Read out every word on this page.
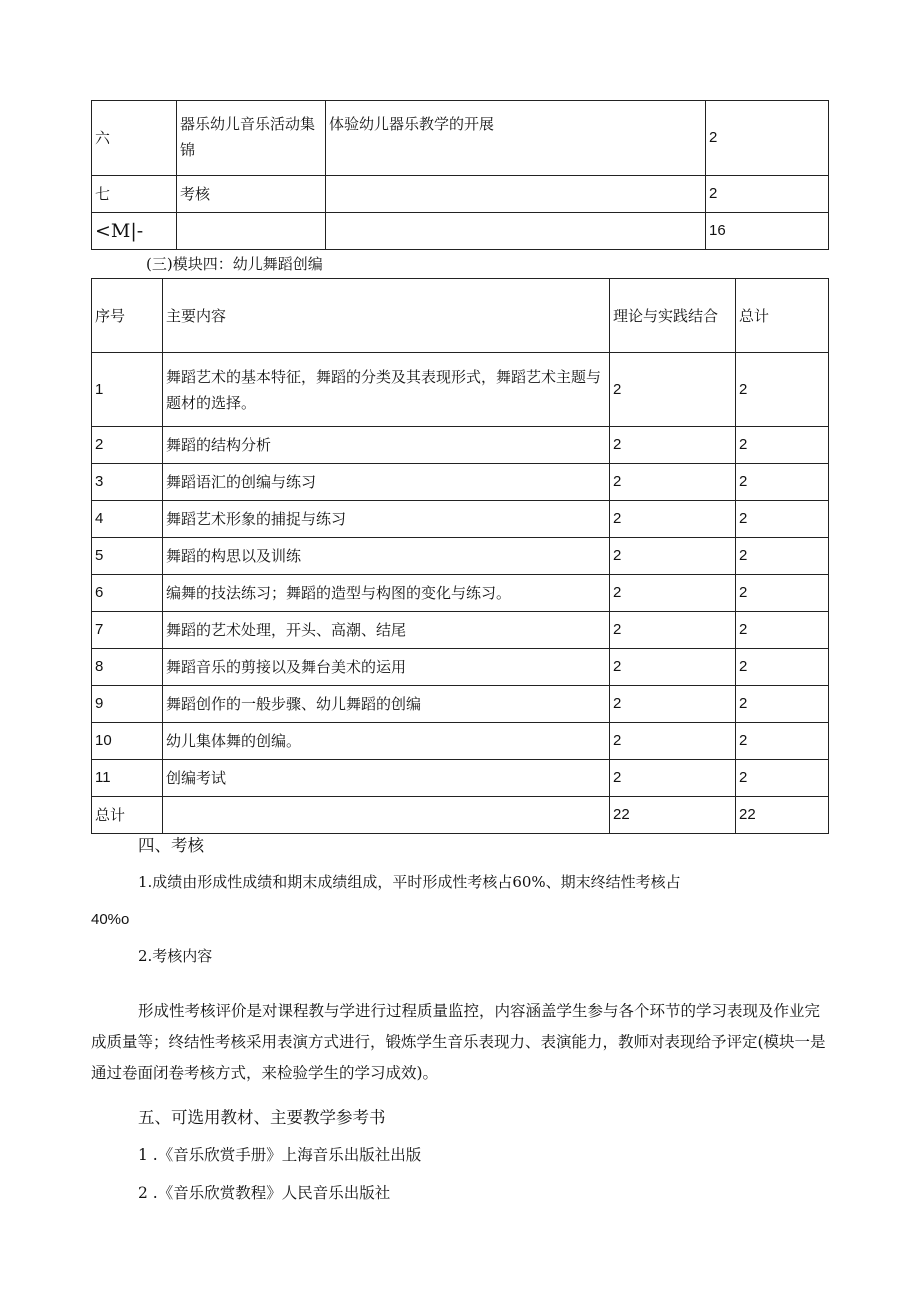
六	器乐幼儿音乐活动集锦	体验幼儿器乐教学的开展	2
七	考核		2
<M|-			16
(三)模块四：幼儿舞蹈创编
序号	主要内容	理论与实践结合	总计
1	舞蹈艺术的基本特征，舞蹈的分类及其表现形式，舞蹈艺术主题与题材的选择。	2	2
2	舞蹈的结构分析	2	2
3	舞蹈语汇的创编与练习	2	2
4	舞蹈艺术形象的捕捉与练习	2	2
5	舞蹈的构思以及训练	2	2
6	编舞的技法练习；舞蹈的造型与构图的变化与练习。	2	2
7	舞蹈的艺术处理，开头、高潮、结尾	2	2
8	舞蹈音乐的剪接以及舞台美术的运用	2	2
9	舞蹈创作的一般步骤、幼儿舞蹈的创编	2	2
10	幼儿集体舞的创编。	2	2
11	创编考试	2	2
总计		22	22
四、考核
1.成绩由形成性成绩和期末成绩组成，平时形成性考核占60%、期末终结性考核占
40%o
2.考核内容
形成性考核评价是对课程教与学进行过程质量监控，内容涵盖学生参与各个环节的学习表现及作业完成质量等；终结性考核采用表演方式进行，锻炼学生音乐表现力、表演能力，教师对表现给予评定(模块一是通过卷面闭卷考核方式，来检验学生的学习成效)。
五、可选用教材、主要教学参考书
1 .《音乐欣赏手册》上海音乐出版社出版
2 .《音乐欣赏教程》人民音乐出版社
